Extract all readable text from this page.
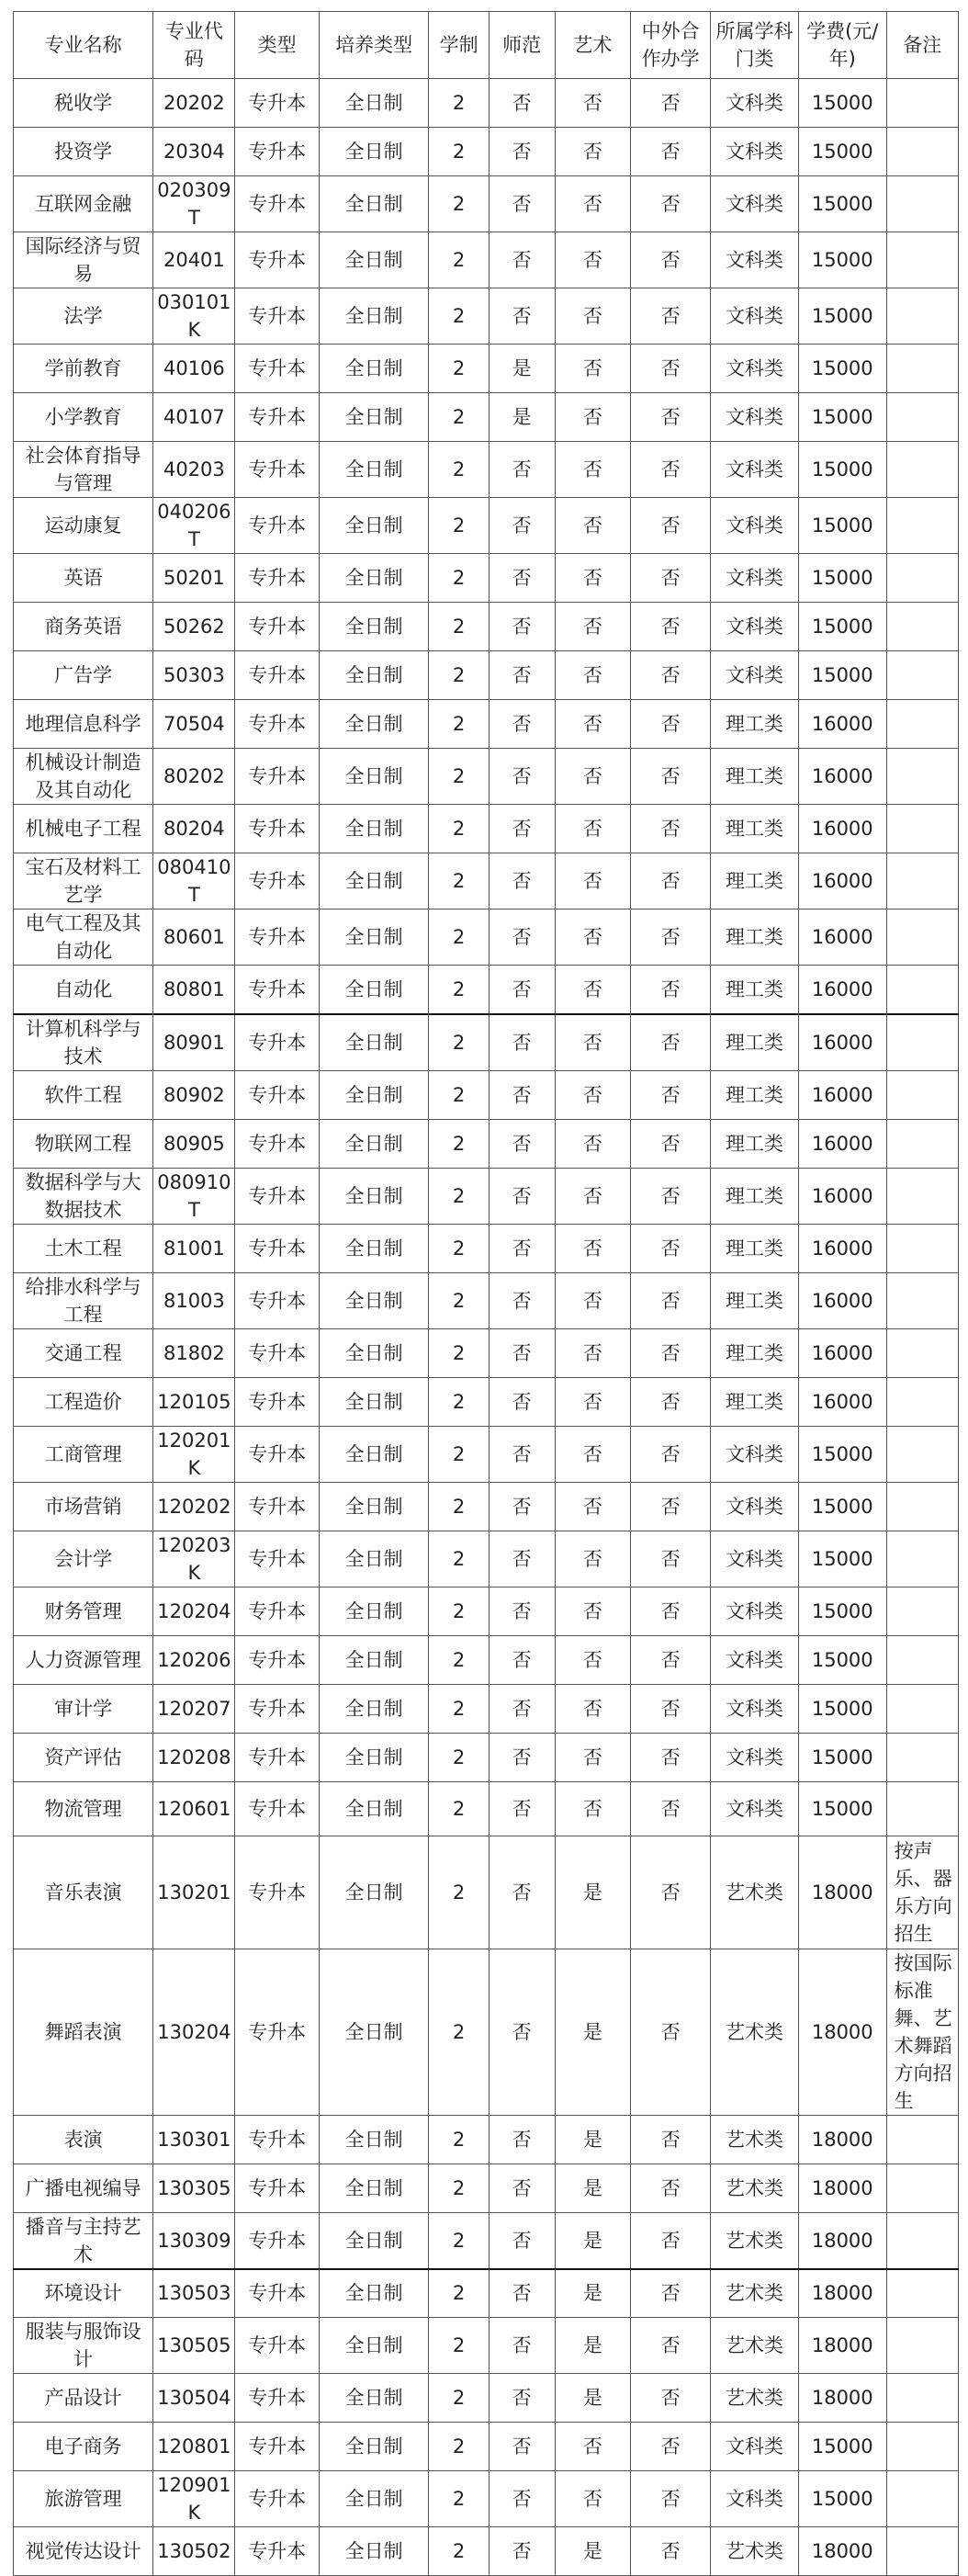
专业名称	专业代码	类型	培养类型	学制	师范	艺术	中外合作办学	所属学科门类	学费(元/年)	备注
税收学	20202	专升本	全日制	2	否	否	否	文科类	15000	
投资学	20304	专升本	全日制	2	否	否	否	文科类	15000	
互联网金融	020309T	专升本	全日制	2	否	否	否	文科类	15000	
国际经济与贸易	20401	专升本	全日制	2	否	否	否	文科类	15000	
法学	030101K	专升本	全日制	2	否	否	否	文科类	15000	
学前教育	40106	专升本	全日制	2	是	否	否	文科类	15000	
小学教育	40107	专升本	全日制	2	是	否	否	文科类	15000	
社会体育指导与管理	40203	专升本	全日制	2	否	否	否	文科类	15000	
运动康复	040206T	专升本	全日制	2	否	否	否	文科类	15000	
英语	50201	专升本	全日制	2	否	否	否	文科类	15000	
商务英语	50262	专升本	全日制	2	否	否	否	文科类	15000	
广告学	50303	专升本	全日制	2	否	否	否	文科类	15000	
地理信息科学	70504	专升本	全日制	2	否	否	否	理工类	16000	
机械设计制造及其自动化	80202	专升本	全日制	2	否	否	否	理工类	16000	
机械电子工程	80204	专升本	全日制	2	否	否	否	理工类	16000	
宝石及材料工艺学	080410T	专升本	全日制	2	否	否	否	理工类	16000	
电气工程及其自动化	80601	专升本	全日制	2	否	否	否	理工类	16000	
自动化	80801	专升本	全日制	2	否	否	否	理工类	16000	
计算机科学与技术	80901	专升本	全日制	2	否	否	否	理工类	16000	
软件工程	80902	专升本	全日制	2	否	否	否	理工类	16000	
物联网工程	80905	专升本	全日制	2	否	否	否	理工类	16000	
数据科学与大数据技术	080910T	专升本	全日制	2	否	否	否	理工类	16000	
土木工程	81001	专升本	全日制	2	否	否	否	理工类	16000	
给排水科学与工程	81003	专升本	全日制	2	否	否	否	理工类	16000	
交通工程	81802	专升本	全日制	2	否	否	否	理工类	16000	
工程造价	120105	专升本	全日制	2	否	否	否	理工类	16000	
工商管理	120201K	专升本	全日制	2	否	否	否	文科类	15000	
市场营销	120202	专升本	全日制	2	否	否	否	文科类	15000	
会计学	120203K	专升本	全日制	2	否	否	否	文科类	15000	
财务管理	120204	专升本	全日制	2	否	否	否	文科类	15000	
人力资源管理	120206	专升本	全日制	2	否	否	否	文科类	15000	
审计学	120207	专升本	全日制	2	否	否	否	文科类	15000	
资产评估	120208	专升本	全日制	2	否	否	否	文科类	15000	
物流管理	120601	专升本	全日制	2	否	否	否	文科类	15000	
音乐表演	130201	专升本	全日制	2	否	是	否	艺术类	18000	按声乐、器乐方向招生
舞蹈表演	130204	专升本	全日制	2	否	是	否	艺术类	18000	按国际标准舞、艺术舞蹈方向招生
表演	130301	专升本	全日制	2	否	是	否	艺术类	18000	
广播电视编导	130305	专升本	全日制	2	否	是	否	艺术类	18000	
播音与主持艺术	130309	专升本	全日制	2	否	是	否	艺术类	18000	
环境设计	130503	专升本	全日制	2	否	是	否	艺术类	18000	
服装与服饰设计	130505	专升本	全日制	2	否	是	否	艺术类	18000	
产品设计	130504	专升本	全日制	2	否	是	否	艺术类	18000	
电子商务	120801	专升本	全日制	2	否	否	否	文科类	15000	
旅游管理	120901K	专升本	全日制	2	否	否	否	文科类	15000	
视觉传达设计	130502	专升本	全日制	2	否	是	否	艺术类	18000	
